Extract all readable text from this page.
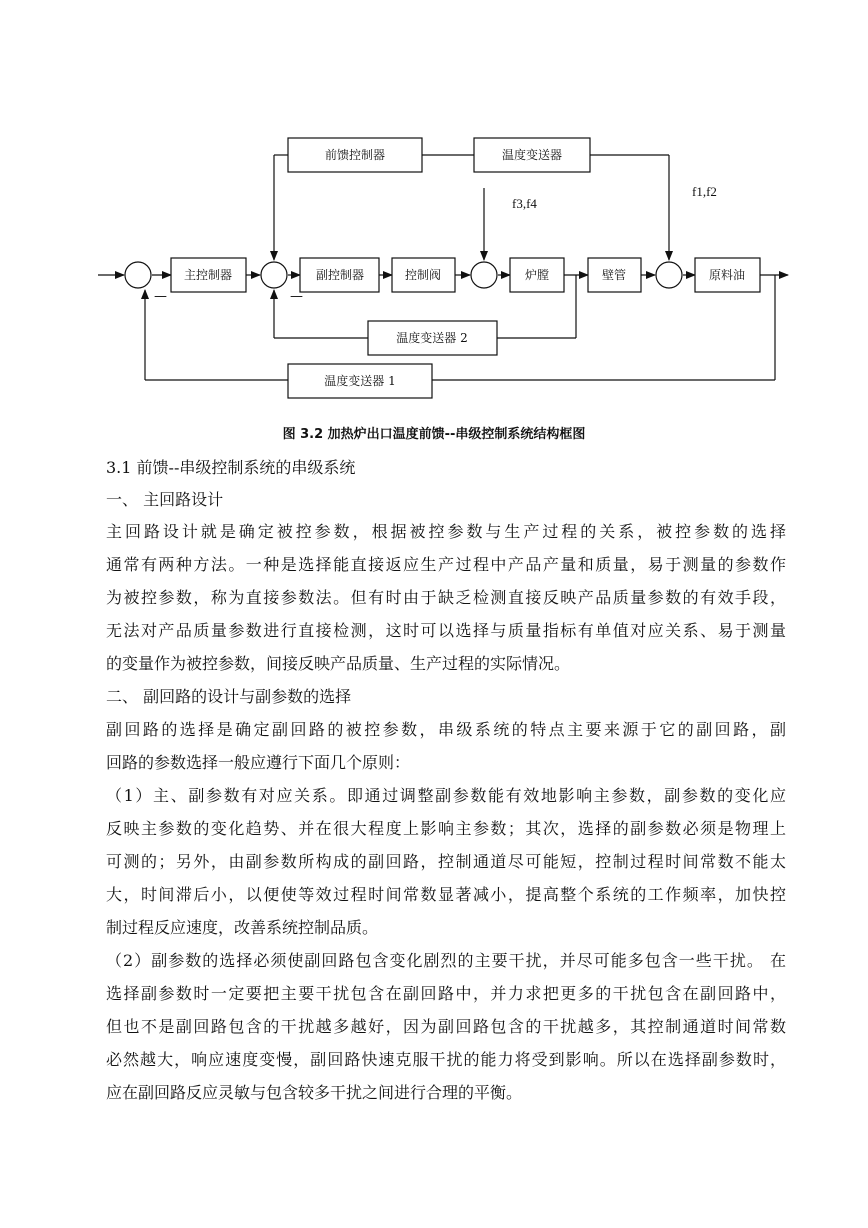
前馈控制器	温度变送器
主控制器	副控制器	控制阀	炉膛	壁管	原料油
温度变送器 2
温度变送器 1
f3,f4
f1,f2
—	—
图 3.2 加热炉出口温度前馈--串级控制系统结构框图
3.1 前馈--串级控制系统的串级系统
一、 主回路设计
主回路设计就是确定被控参数，根据被控参数与生产过程的关系，被控参数的选择
通常有两种方法。一种是选择能直接返应生产过程中产品产量和质量，易于测量的参数作
为被控参数，称为直接参数法。但有时由于缺乏检测直接反映产品质量参数的有效手段，
无法对产品质量参数进行直接检测，这时可以选择与质量指标有单值对应关系、易于测量
的变量作为被控参数，间接反映产品质量、生产过程的实际情况。
二、 副回路的设计与副参数的选择
副回路的选择是确定副回路的被控参数，串级系统的特点主要来源于它的副回路，副
回路的参数选择一般应遵行下面几个原则：
（1）主、副参数有对应关系。即通过调整副参数能有效地影响主参数，副参数的变化应
反映主参数的变化趋势、并在很大程度上影响主参数；其次，选择的副参数必须是物理上
可测的；另外，由副参数所构成的副回路，控制通道尽可能短，控制过程时间常数不能太
大，时间滞后小，以便使等效过程时间常数显著减小，提高整个系统的工作频率，加快控
制过程反应速度，改善系统控制品质。
（2）副参数的选择必须使副回路包含变化剧烈的主要干扰，并尽可能多包含一些干扰。 在
选择副参数时一定要把主要干扰包含在副回路中，并力求把更多的干扰包含在副回路中，
但也不是副回路包含的干扰越多越好，因为副回路包含的干扰越多，其控制通道时间常数
必然越大，响应速度变慢，副回路快速克服干扰的能力将受到影响。所以在选择副参数时，
应在副回路反应灵敏与包含较多干扰之间进行合理的平衡。
